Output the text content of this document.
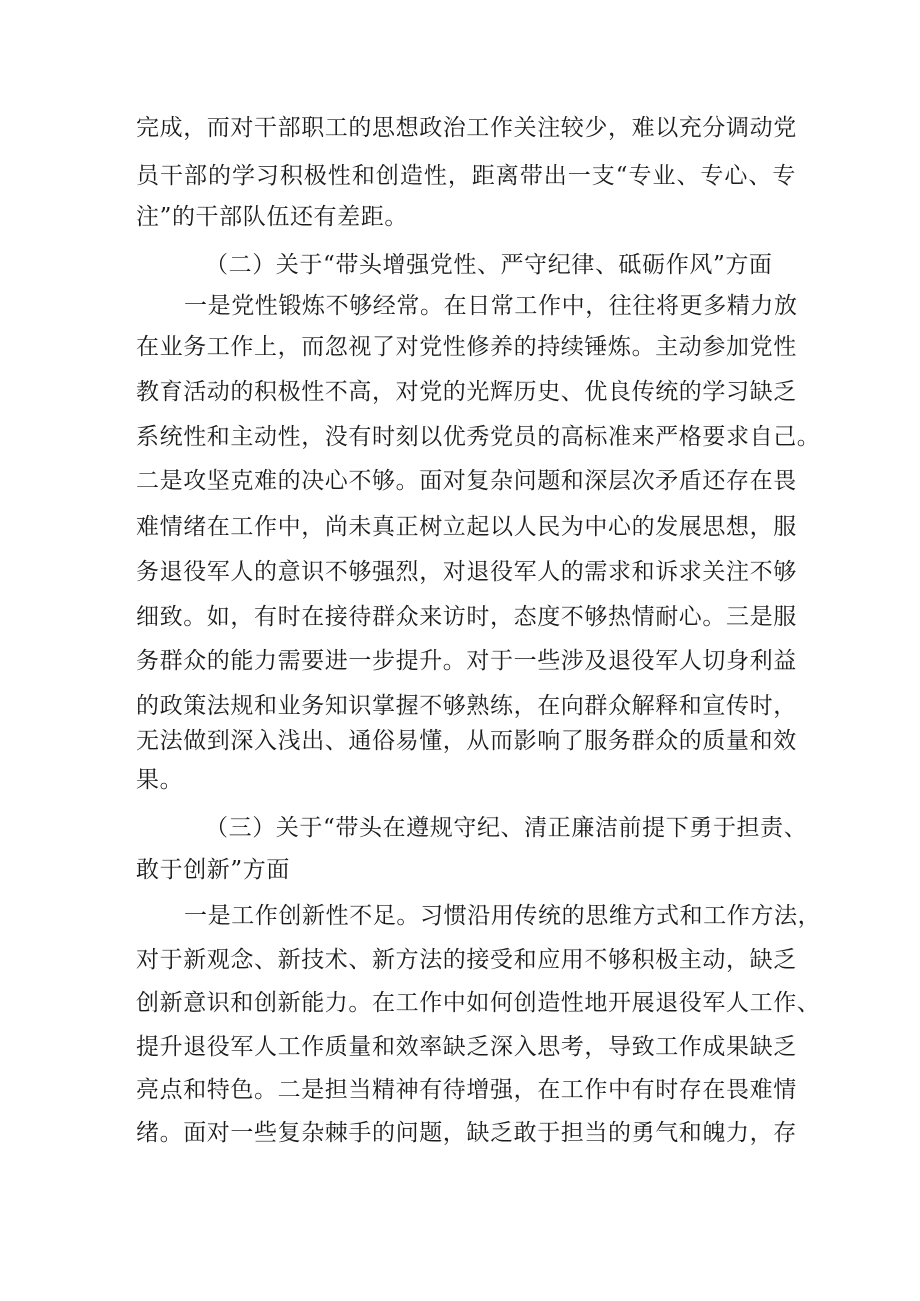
完成，而对干部职工的思想政治工作关注较少，难以充分调动党
员干部的学习积极性和创造性，距离带出一支“专业、专心、专
注”的干部队伍还有差距。
（二）关于“带头增强党性、严守纪律、砥砺作风”方面
一是党性锻炼不够经常。在日常工作中，往往将更多精力放
在业务工作上，而忽视了对党性修养的持续锤炼。主动参加党性
教育活动的积极性不高，对党的光辉历史、优良传统的学习缺乏
系统性和主动性，没有时刻以优秀党员的高标准来严格要求自己。
二是攻坚克难的决心不够。面对复杂问题和深层次矛盾还存在畏
难情绪在工作中，尚未真正树立起以人民为中心的发展思想，服
务退役军人的意识不够强烈，对退役军人的需求和诉求关注不够
细致。如，有时在接待群众来访时，态度不够热情耐心。三是服
务群众的能力需要进一步提升。对于一些涉及退役军人切身利益
的政策法规和业务知识掌握不够熟练，在向群众解释和宣传时，
无法做到深入浅出、通俗易懂，从而影响了服务群众的质量和效
果。
（三）关于“带头在遵规守纪、清正廉洁前提下勇于担责、
敢于创新”方面
一是工作创新性不足。习惯沿用传统的思维方式和工作方法，
对于新观念、新技术、新方法的接受和应用不够积极主动，缺乏
创新意识和创新能力。在工作中如何创造性地开展退役军人工作、
提升退役军人工作质量和效率缺乏深入思考，导致工作成果缺乏
亮点和特色。二是担当精神有待增强，在工作中有时存在畏难情
绪。面对一些复杂棘手的问题，缺乏敢于担当的勇气和魄力，存
